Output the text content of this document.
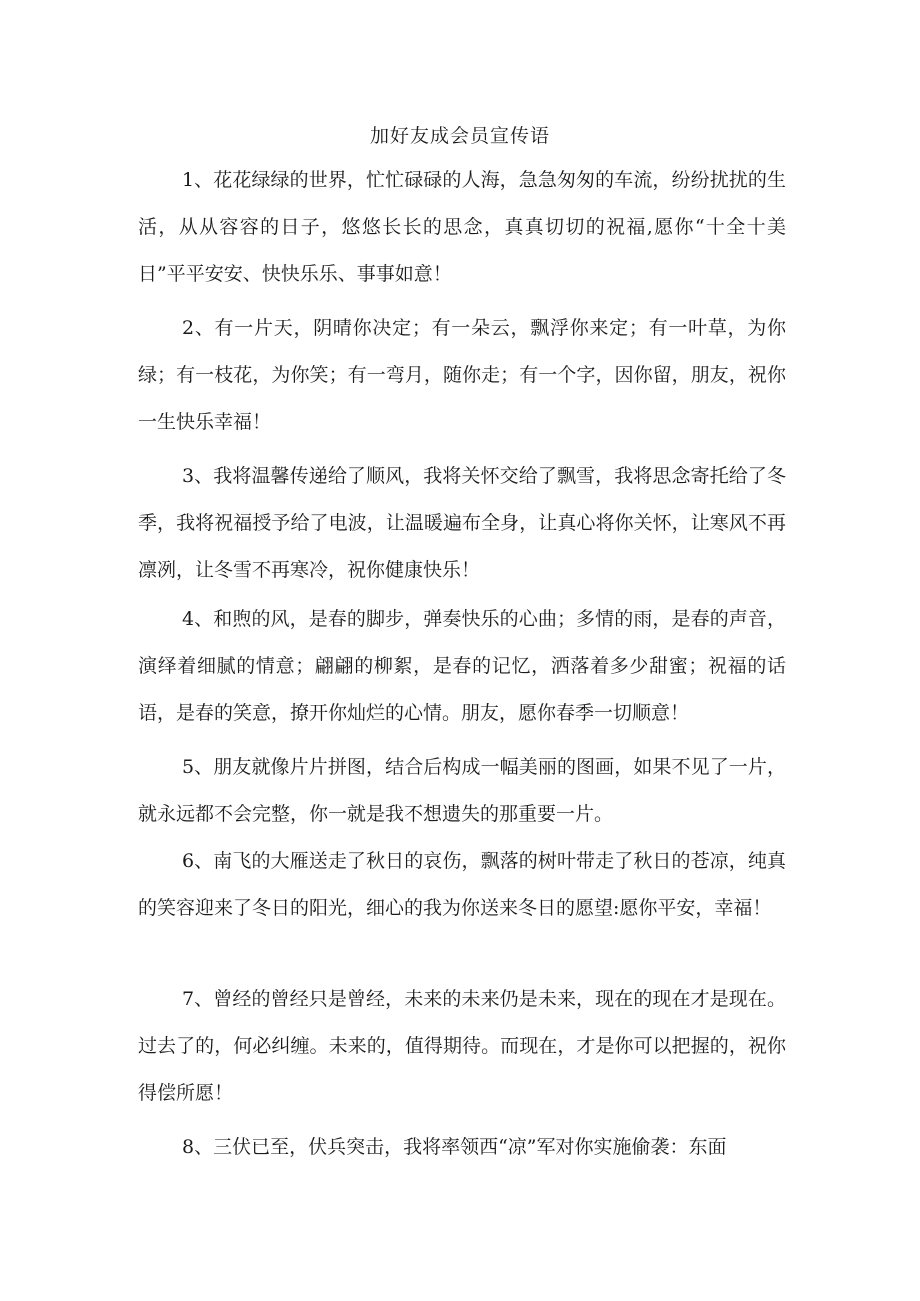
加好友成会员宣传语

1、花花绿绿的世界，忙忙碌碌的人海，急急匆匆的车流，纷纷扰扰的生活，从从容容的日子，悠悠长长的思念，真真切切的祝福,愿你“十全十美日”平平安安、快快乐乐、事事如意！

2、有一片天，阴晴你决定；有一朵云，飘浮你来定；有一叶草，为你绿；有一枝花，为你笑；有一弯月，随你走；有一个字，因你留，朋友，祝你一生快乐幸福！

3、我将温馨传递给了顺风，我将关怀交给了飘雪，我将思念寄托给了冬季，我将祝福授予给了电波，让温暖遍布全身，让真心将你关怀，让寒风不再凛冽，让冬雪不再寒冷，祝你健康快乐！

4、和煦的风，是春的脚步，弹奏快乐的心曲；多情的雨，是春的声音，演绎着细腻的情意；翩翩的柳絮，是春的记忆，洒落着多少甜蜜；祝福的话语，是春的笑意，撩开你灿烂的心情。朋友，愿你春季一切顺意！

5、朋友就像片片拼图，结合后构成一幅美丽的图画，如果不见了一片，就永远都不会完整，你一就是我不想遗失的那重要一片。

6、南飞的大雁送走了秋日的哀伤，飘落的树叶带走了秋日的苍凉，纯真的笑容迎来了冬日的阳光，细心的我为你送来冬日的愿望:愿你平安，幸福！

7、曾经的曾经只是曾经，未来的未来仍是未来，现在的现在才是现在。过去了的，何必纠缠。未来的，值得期待。而现在，才是你可以把握的，祝你得偿所愿！

8、三伏已至，伏兵突击，我将率领西“凉”军对你实施偷袭：东面
